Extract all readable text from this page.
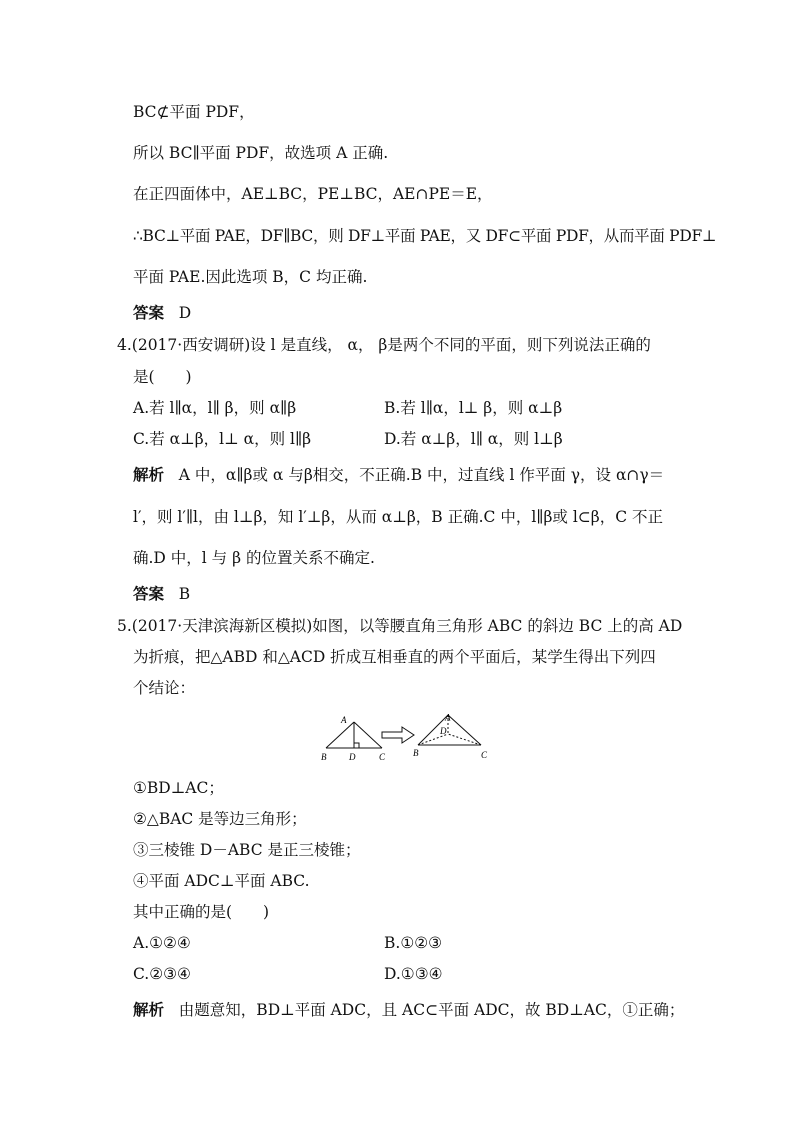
BC⊄平面 PDF，
所以 BC∥平面 PDF，故选项 A 正确.
在正四面体中，AE⊥BC，PE⊥BC，AE∩PE＝E，
∴BC⊥平面 PAE，DF∥BC，则 DF⊥平面 PAE，又 DF⊂平面 PDF，从而平面 PDF⊥
平面 PAE.因此选项 B，C 均正确.
答案 D
4.(2017·西安调研)设 l 是直线， α， β是两个不同的平面，则下列说法正确的
是(　　)
A.若 l∥α，l∥ β，则 α∥β	B.若 l∥α，l⊥ β，则 α⊥β
C.若 α⊥β，l⊥ α，则 l∥β	D.若 α⊥β，l∥ α，则 l⊥β
解析 A 中，α∥β或 α 与β相交，不正确.B 中，过直线 l 作平面 γ，设 α∩γ＝
l′，则 l′∥l，由 l⊥β，知 l′⊥β，从而 α⊥β，B 正确.C 中，l∥β或 l⊂β，C 不正
确.D 中，l 与 β 的位置关系不确定.
答案 B
5.(2017·天津滨海新区模拟)如图，以等腰直角三角形 ABC 的斜边 BC 上的高 AD
为折痕，把△ABD 和△ACD 折成互相垂直的两个平面后，某学生得出下列四
个结论：
A
B	D	C
A
D
B	C
①BD⊥AC；
②△BAC 是等边三角形；
③三棱锥 D－ABC 是正三棱锥；
④平面 ADC⊥平面 ABC.
其中正确的是(　　)
A.①②④	B.①②③
C.②③④	D.①③④
解析 由题意知，BD⊥平面 ADC，且 AC⊂平面 ADC，故 BD⊥AC，①正确；
